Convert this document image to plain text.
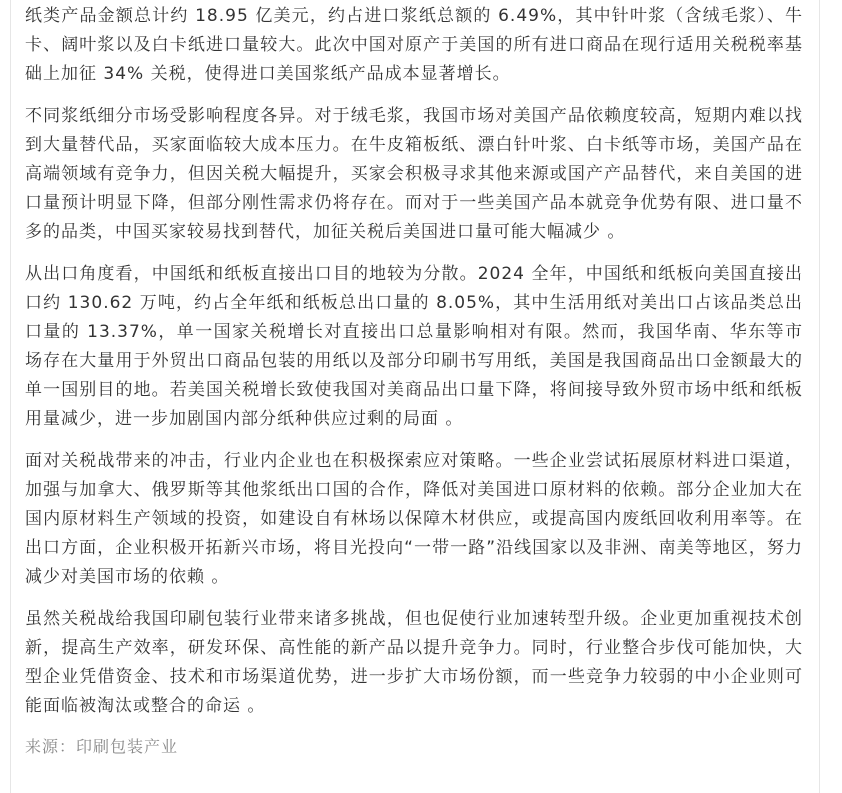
纸类产品金额总计约 18.95 亿美元，约占进口浆纸总额的 6.49%，其中针叶浆（含绒毛浆）、牛卡、阔叶浆以及白卡纸进口量较大。此次中国对原产于美国的所有进口商品在现行适用关税税率基础上加征 34% 关税，使得进口美国浆纸产品成本显著增长。

不同浆纸细分市场受影响程度各异。对于绒毛浆，我国市场对美国产品依赖度较高，短期内难以找到大量替代品，买家面临较大成本压力。在牛皮箱板纸、漂白针叶浆、白卡纸等市场，美国产品在高端领域有竞争力，但因关税大幅提升，买家会积极寻求其他来源或国产产品替代，来自美国的进口量预计明显下降，但部分刚性需求仍将存在。而对于一些美国产品本就竞争优势有限、进口量不多的品类，中国买家较易找到替代，加征关税后美国进口量可能大幅减少 。

从出口角度看，中国纸和纸板直接出口目的地较为分散。2024 全年，中国纸和纸板向美国直接出口约 130.62 万吨，约占全年纸和纸板总出口量的 8.05%，其中生活用纸对美出口占该品类总出口量的 13.37%，单一国家关税增长对直接出口总量影响相对有限。然而，我国华南、华东等市场存在大量用于外贸出口商品包装的用纸以及部分印刷书写用纸，美国是我国商品出口金额最大的单一国别目的地。若美国关税增长致使我国对美商品出口量下降，将间接导致外贸市场中纸和纸板用量减少，进一步加剧国内部分纸种供应过剩的局面 。

面对关税战带来的冲击，行业内企业也在积极探索应对策略。一些企业尝试拓展原材料进口渠道，加强与加拿大、俄罗斯等其他浆纸出口国的合作，降低对美国进口原材料的依赖。部分企业加大在国内原材料生产领域的投资，如建设自有林场以保障木材供应，或提高国内废纸回收利用率等。在出口方面，企业积极开拓新兴市场，将目光投向“一带一路”沿线国家以及非洲、南美等地区，努力减少对美国市场的依赖 。

虽然关税战给我国印刷包装行业带来诸多挑战，但也促使行业加速转型升级。企业更加重视技术创新，提高生产效率，研发环保、高性能的新产品以提升竞争力。同时，行业整合步伐可能加快，大型企业凭借资金、技术和市场渠道优势，进一步扩大市场份额，而一些竞争力较弱的中小企业则可能面临被淘汰或整合的命运 。

来源：印刷包装产业
